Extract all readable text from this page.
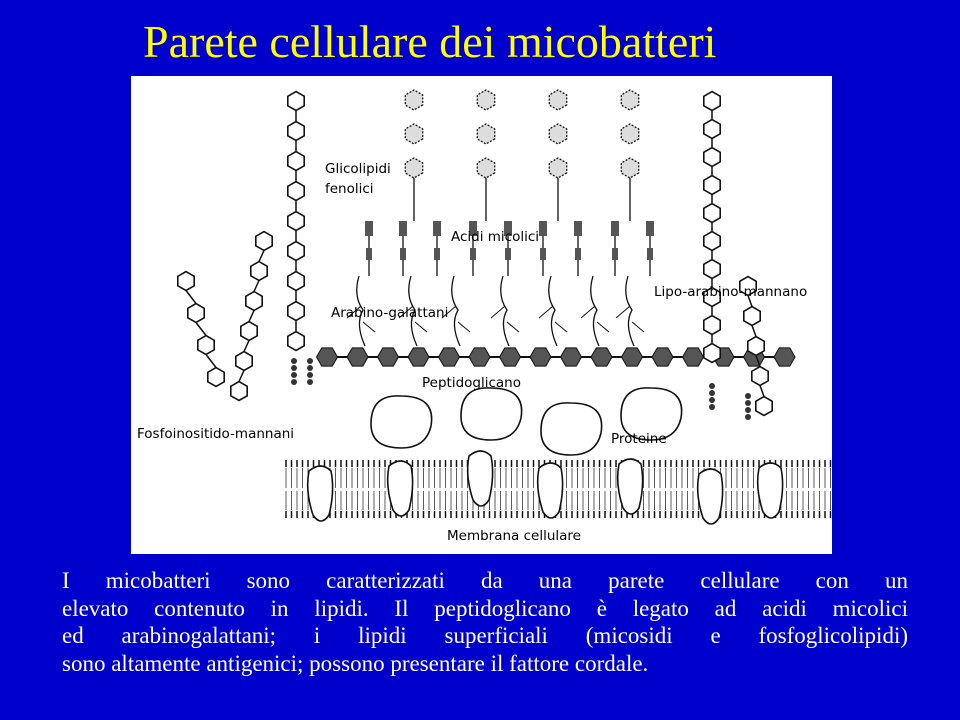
Parete cellulare dei micobatteri
Glicolipidi
fenolici
Acidi micolici
Lipo-arabino-mannano
Arabino-galattani
Peptidoglicano
Fosfoinositido-mannani	Proteine
Membrana cellulare

I micobatteri sono caratterizzati da una parete cellulare con un
elevato contenuto in lipidi. Il peptidoglicano è legato ad acidi micolici
ed arabinogalattani; i lipidi superficiali (micosidi e fosfoglicolipidi)
sono altamente antigenici; possono presentare il fattore cordale.
